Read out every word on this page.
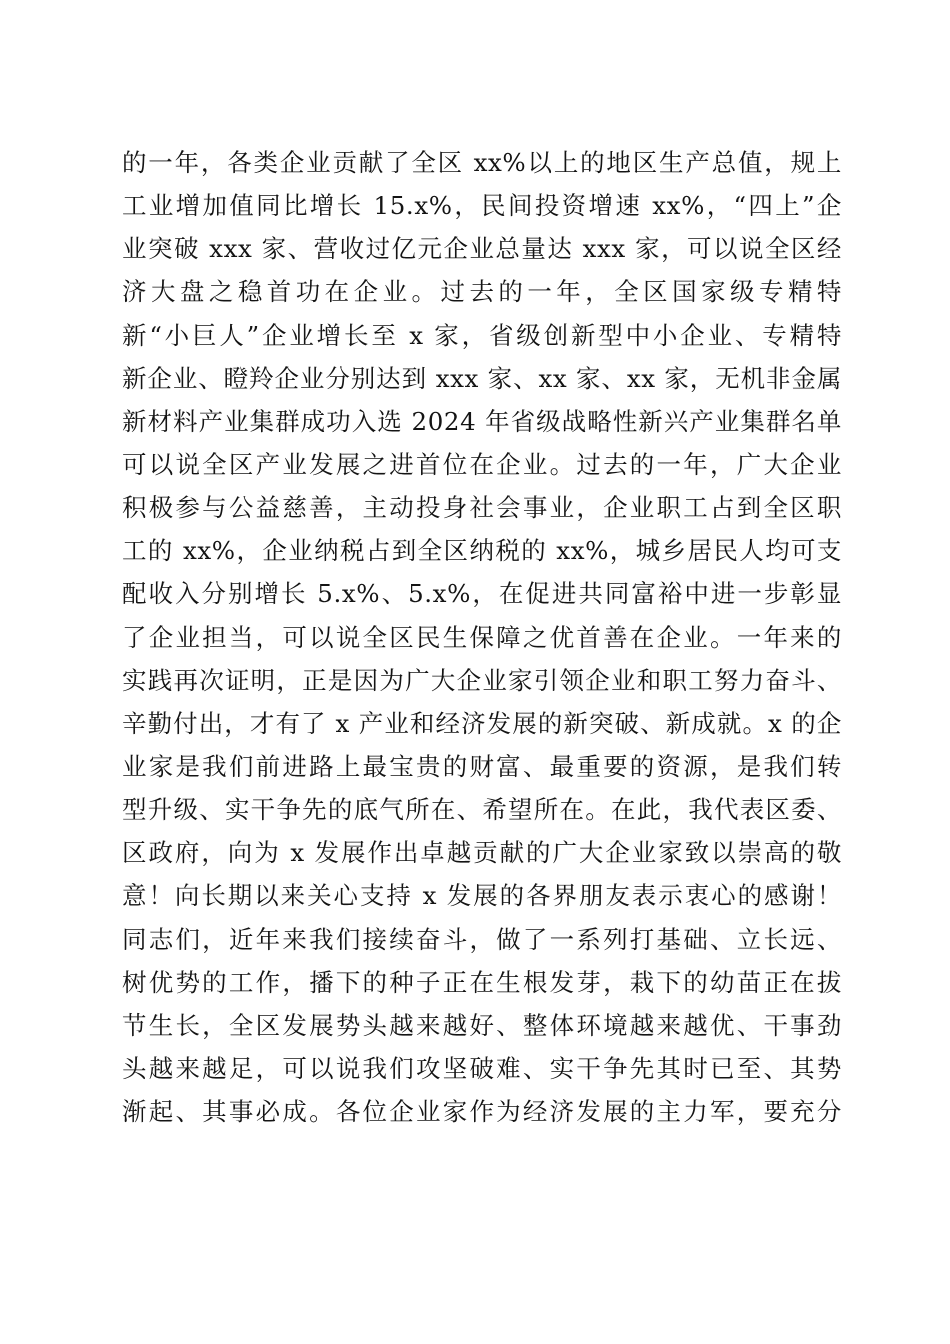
的一年，各类企业贡献了全区 xx%以上的地区生产总值，规上
工业增加值同比增长 15.x%，民间投资增速 xx%，“四上”企
业突破 xxx 家、营收过亿元企业总量达 xxx 家，可以说全区经
济大盘之稳首功在企业。过去的一年，全区国家级专精特
新“小巨人”企业增长至 x 家，省级创新型中小企业、专精特
新企业、瞪羚企业分别达到 xxx 家、xx 家、xx 家，无机非金属
新材料产业集群成功入选 2024 年省级战略性新兴产业集群名单
可以说全区产业发展之进首位在企业。过去的一年，广大企业
积极参与公益慈善，主动投身社会事业，企业职工占到全区职
工的 xx%，企业纳税占到全区纳税的 xx%，城乡居民人均可支
配收入分别增长 5.x%、5.x%，在促进共同富裕中进一步彰显
了企业担当，可以说全区民生保障之优首善在企业。一年来的
实践再次证明，正是因为广大企业家引领企业和职工努力奋斗、
辛勤付出，才有了 x 产业和经济发展的新突破、新成就。x 的企
业家是我们前进路上最宝贵的财富、最重要的资源，是我们转
型升级、实干争先的底气所在、希望所在。在此，我代表区委、
区政府，向为 x 发展作出卓越贡献的广大企业家致以崇高的敬
意！向长期以来关心支持 x 发展的各界朋友表示衷心的感谢！
同志们，近年来我们接续奋斗，做了一系列打基础、立长远、
树优势的工作，播下的种子正在生根发芽，栽下的幼苗正在拔
节生长，全区发展势头越来越好、整体环境越来越优、干事劲
头越来越足，可以说我们攻坚破难、实干争先其时已至、其势
渐起、其事必成。各位企业家作为经济发展的主力军，要充分
